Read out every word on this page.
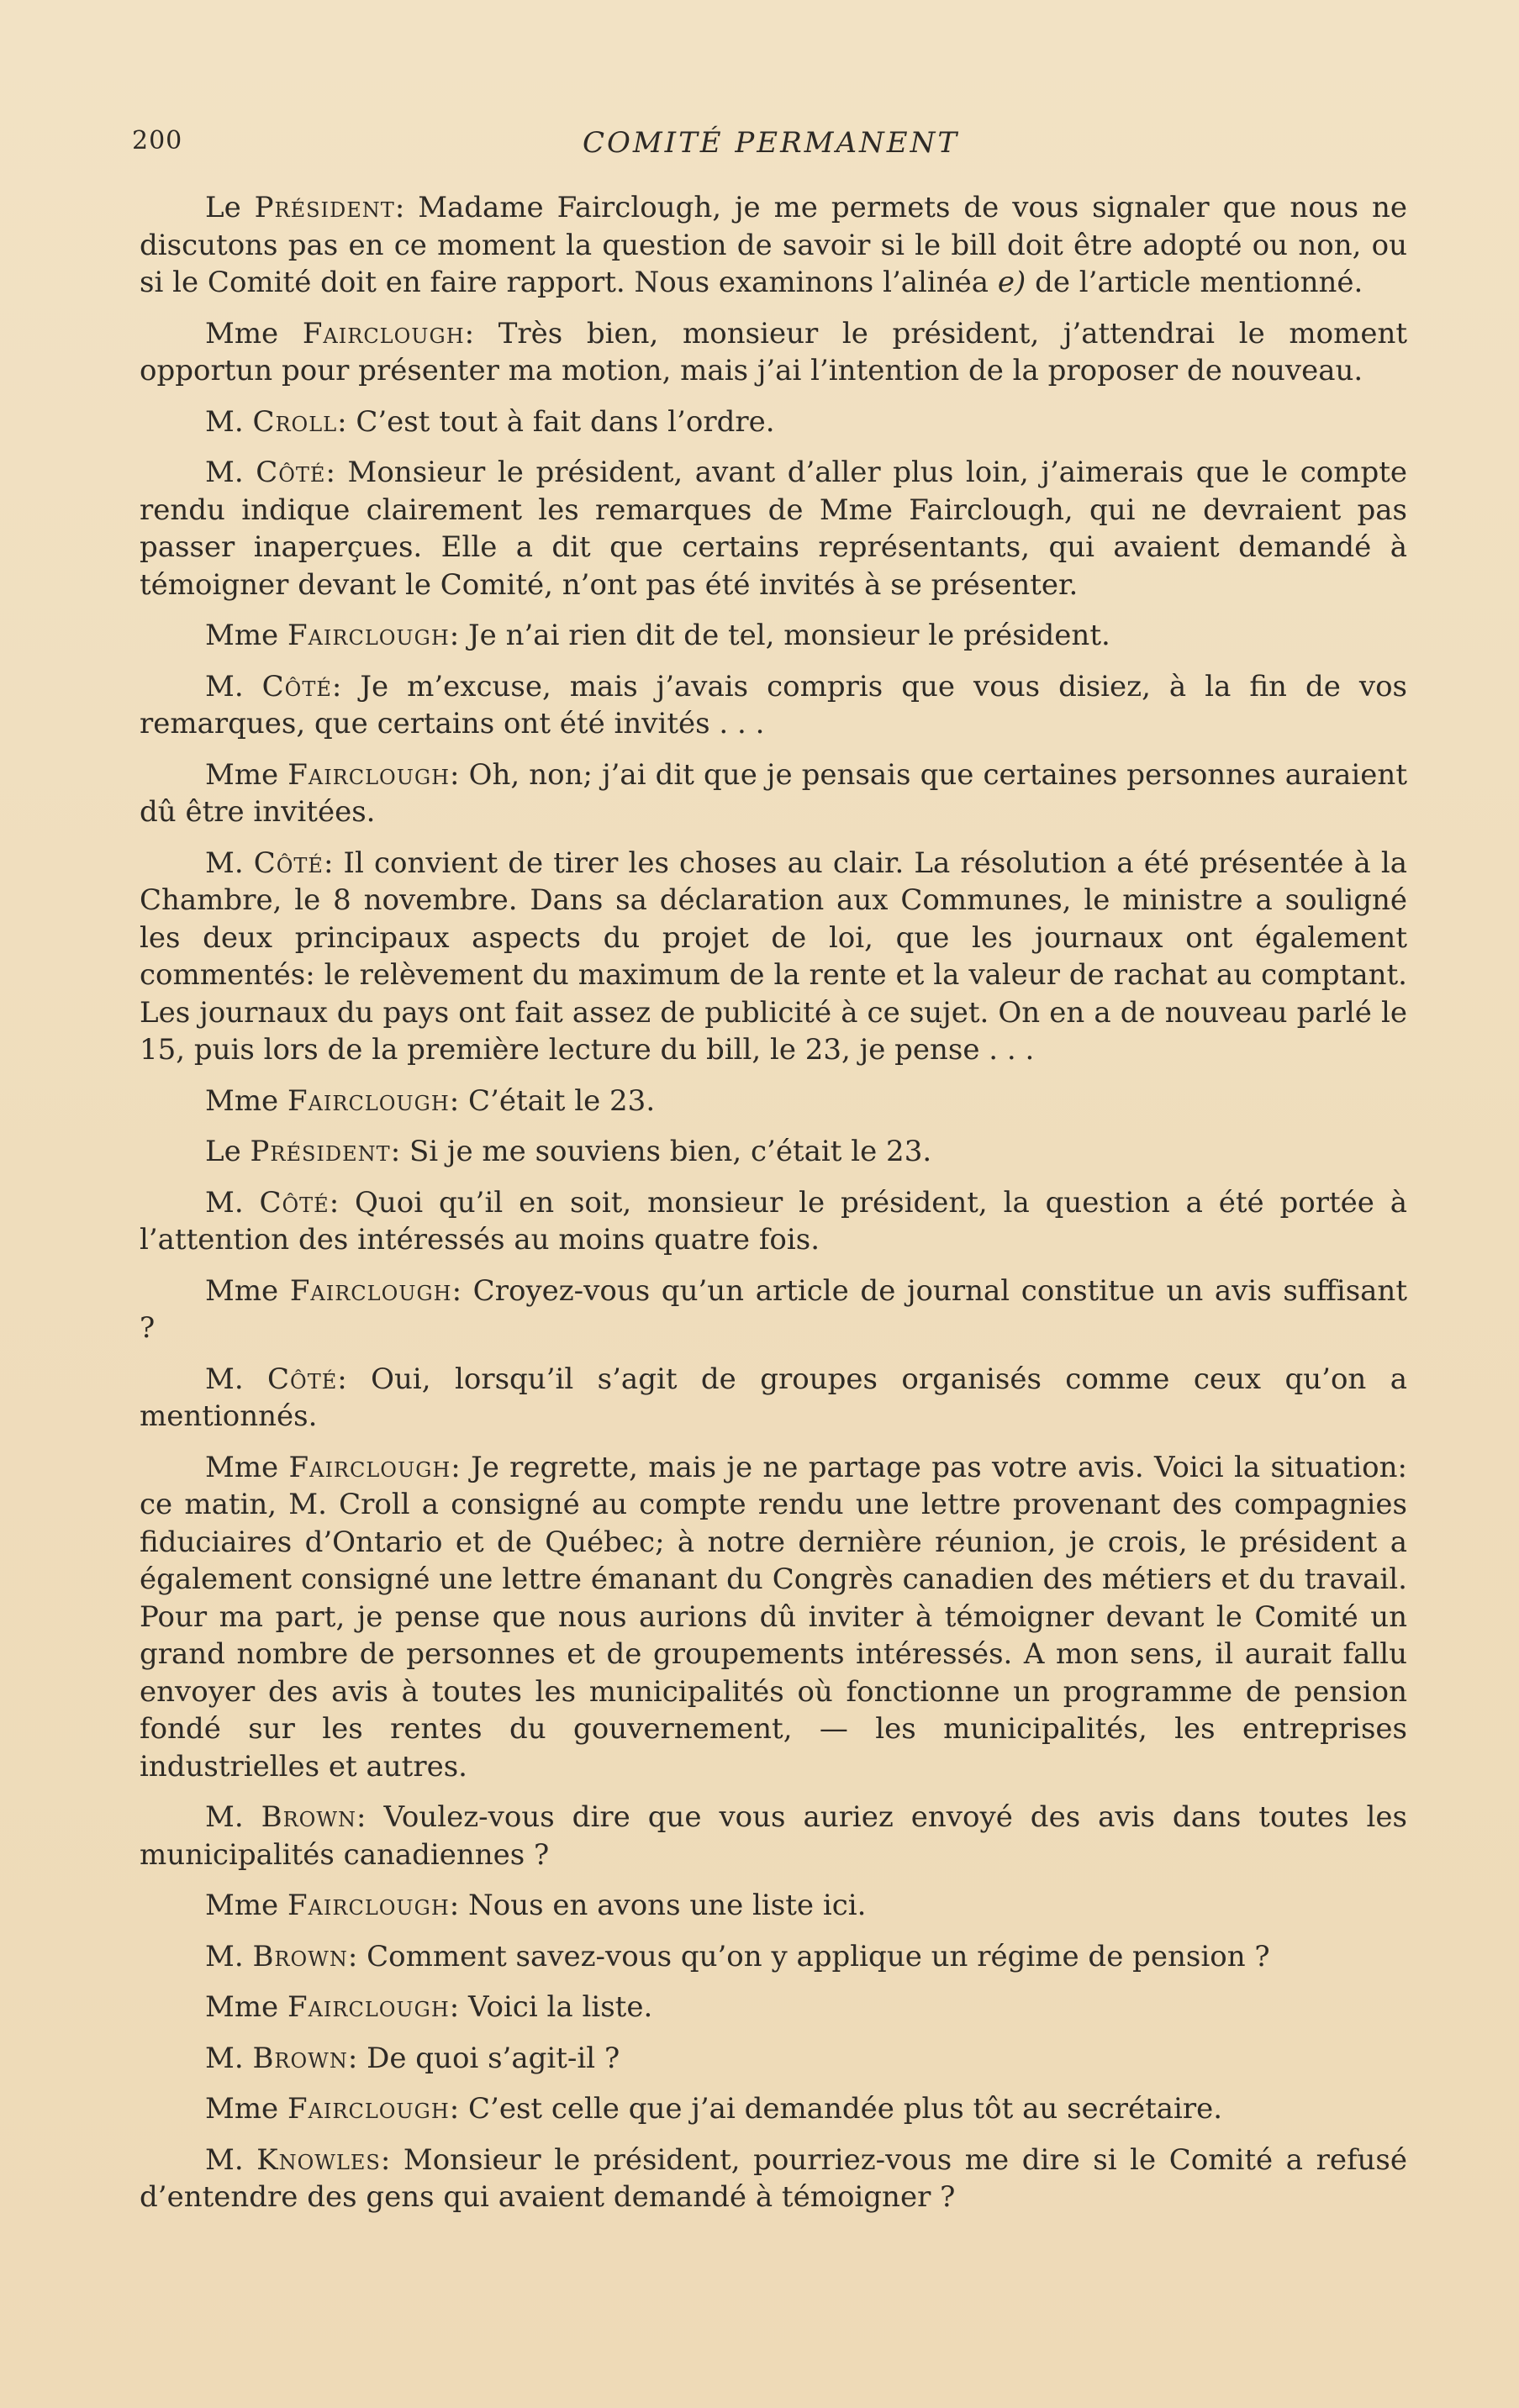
200	COMITÉ PERMANENT

Le Président: Madame Fairclough, je me permets de vous signaler que nous ne discutons pas en ce moment la question de savoir si le bill doit être adopté ou non, ou si le Comité doit en faire rapport. Nous examinons l’alinéa e) de l’article mentionné.

Mme Fairclough: Très bien, monsieur le président, j’attendrai le moment opportun pour présenter ma motion, mais j’ai l’intention de la proposer de nouveau.

M. Croll: C’est tout à fait dans l’ordre.

M. Côté: Monsieur le président, avant d’aller plus loin, j’aimerais que le compte rendu indique clairement les remarques de Mme Fairclough, qui ne devraient pas passer inaperçues. Elle a dit que certains représentants, qui avaient demandé à témoigner devant le Comité, n’ont pas été invités à se présenter.

Mme Fairclough: Je n’ai rien dit de tel, monsieur le président.

M. Côté: Je m’excuse, mais j’avais compris que vous disiez, à la fin de vos remarques, que certains ont été invités . . .

Mme Fairclough: Oh, non; j’ai dit que je pensais que certaines personnes auraient dû être invitées.

M. Côté: Il convient de tirer les choses au clair. La résolution a été présentée à la Chambre, le 8 novembre. Dans sa déclaration aux Communes, le ministre a souligné les deux principaux aspects du projet de loi, que les journaux ont également commentés: le relèvement du maximum de la rente et la valeur de rachat au comptant. Les journaux du pays ont fait assez de publicité à ce sujet. On en a de nouveau parlé le 15, puis lors de la première lecture du bill, le 23, je pense . . .

Mme Fairclough: C’était le 23.

Le Président: Si je me souviens bien, c’était le 23.

M. Côté: Quoi qu’il en soit, monsieur le président, la question a été portée à l’attention des intéressés au moins quatre fois.

Mme Fairclough: Croyez-vous qu’un article de journal constitue un avis suffisant ?

M. Côté: Oui, lorsqu’il s’agit de groupes organisés comme ceux qu’on a mentionnés.

Mme Fairclough: Je regrette, mais je ne partage pas votre avis. Voici la situation: ce matin, M. Croll a consigné au compte rendu une lettre provenant des compagnies fiduciaires d’Ontario et de Québec; à notre dernière réunion, je crois, le président a également consigné une lettre émanant du Congrès canadien des métiers et du travail. Pour ma part, je pense que nous aurions dû inviter à témoigner devant le Comité un grand nombre de personnes et de groupements intéressés. A mon sens, il aurait fallu envoyer des avis à toutes les municipalités où fonctionne un programme de pension fondé sur les rentes du gouvernement, — les municipalités, les entreprises industrielles et autres.

M. Brown: Voulez-vous dire que vous auriez envoyé des avis dans toutes les municipalités canadiennes ?

Mme Fairclough: Nous en avons une liste ici.

M. Brown: Comment savez-vous qu’on y applique un régime de pension ?

Mme Fairclough: Voici la liste.

M. Brown: De quoi s’agit-il ?

Mme Fairclough: C’est celle que j’ai demandée plus tôt au secrétaire.

M. Knowles: Monsieur le président, pourriez-vous me dire si le Comité a refusé d’entendre des gens qui avaient demandé à témoigner ?
